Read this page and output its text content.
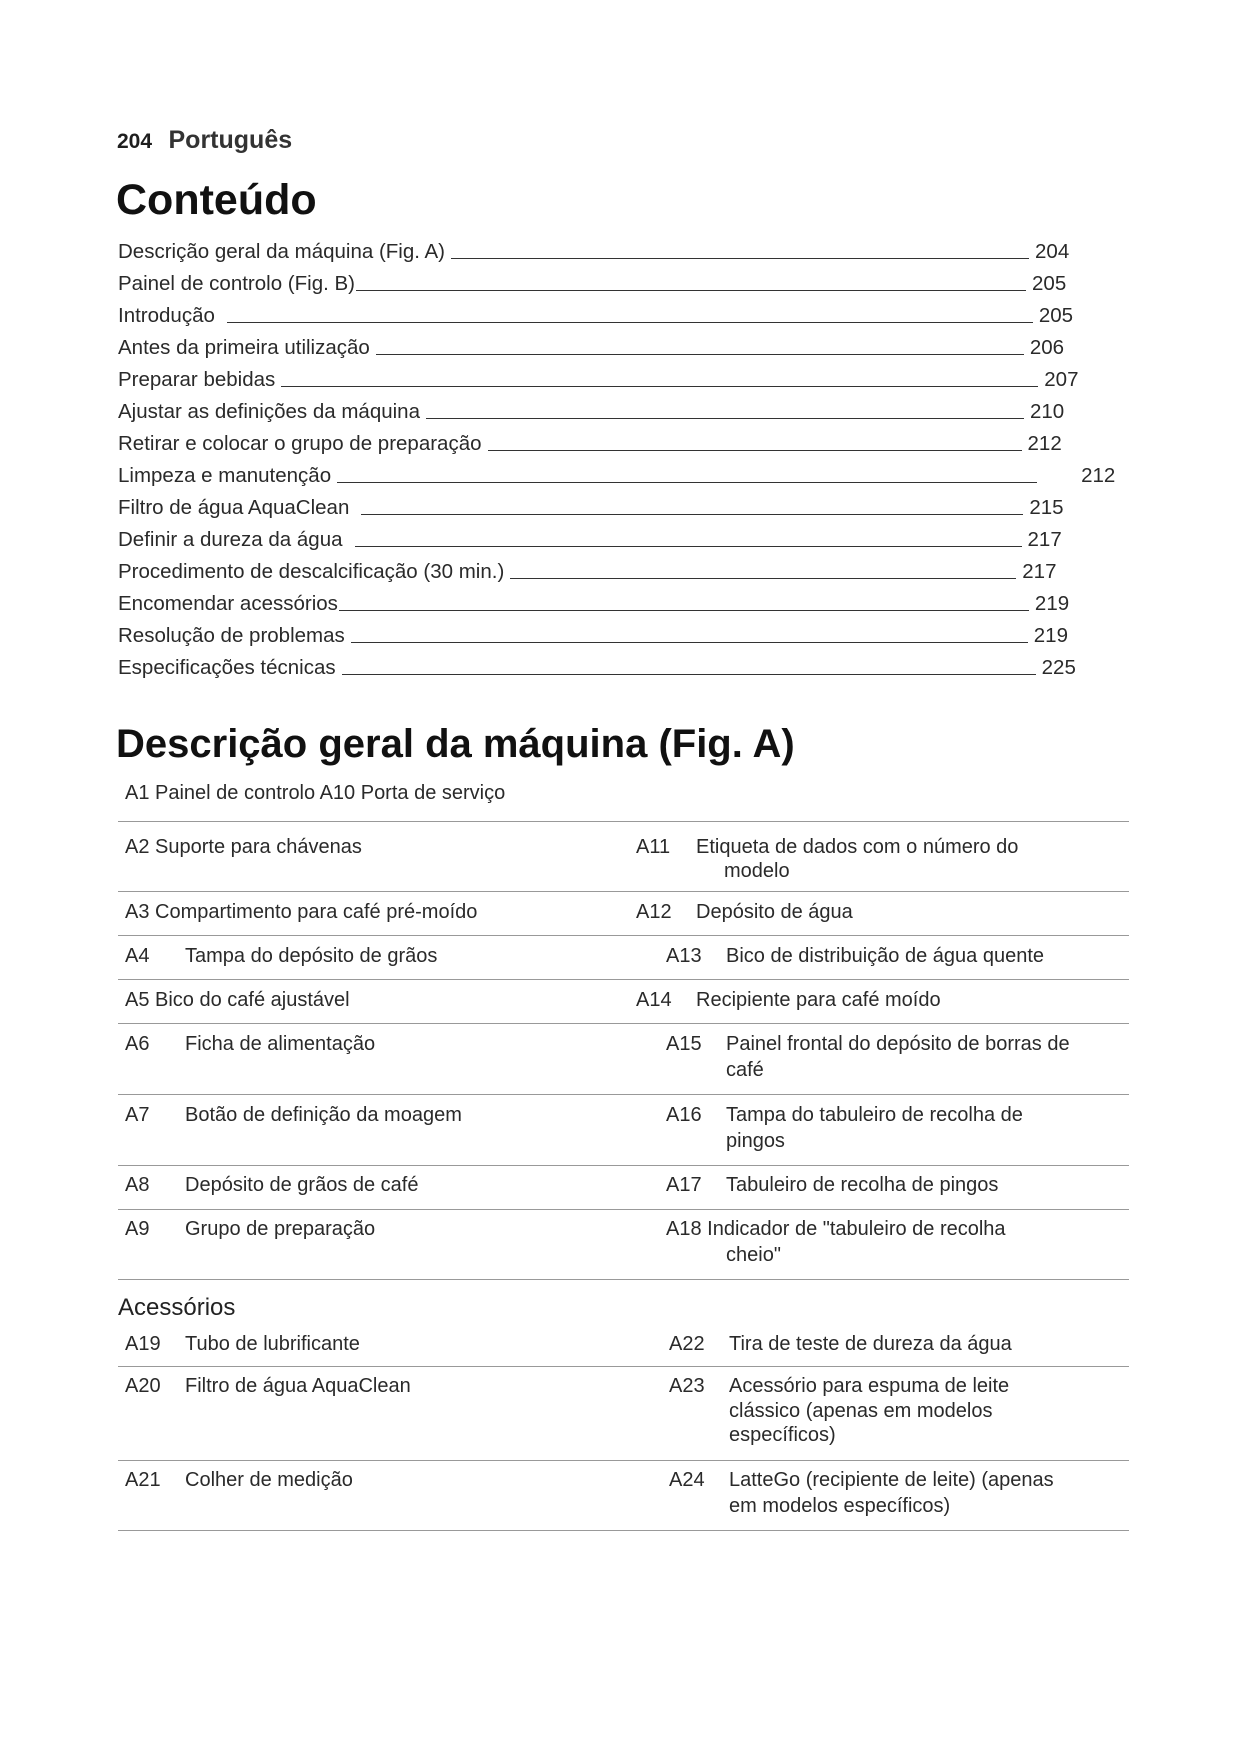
204 Português
Conteúdo
Descrição geral da máquina (Fig. A)	204
Painel de controlo (Fig. B)	205
Introdução	205
Antes da primeira utilização	206
Preparar bebidas	207
Ajustar as definições da máquina	210
Retirar e colocar o grupo de preparação	212
Limpeza e manutenção	212
Filtro de água AquaClean	215
Definir a dureza da água	217
Procedimento de descalcificação (30 min.)	217
Encomendar acessórios	219
Resolução de problemas	219
Especificações técnicas	225
Descrição geral da máquina (Fig. A)
A1 Painel de controlo A10 Porta de serviço
A2 Suporte para chávenas	A11 Etiqueta de dados com o número do
modelo
A3 Compartimento para café pré-moído	A12 Depósito de água
A4 Tampa do depósito de grãos	A13 Bico de distribuição de água quente
A5 Bico do café ajustável	A14 Recipiente para café moído
A6 Ficha de alimentação	A15 Painel frontal do depósito de borras de
café
A7 Botão de definição da moagem	A16 Tampa do tabuleiro de recolha de
pingos
A8 Depósito de grãos de café	A17 Tabuleiro de recolha de pingos
A9 Grupo de preparação	A18 Indicador de "tabuleiro de recolha
cheio"
Acessórios
A19 Tubo de lubrificante	A22 Tira de teste de dureza da água
A20 Filtro de água AquaClean	A23 Acessório para espuma de leite
clássico (apenas em modelos
específicos)
A21 Colher de medição	A24 LatteGo (recipiente de leite) (apenas
em modelos específicos)
